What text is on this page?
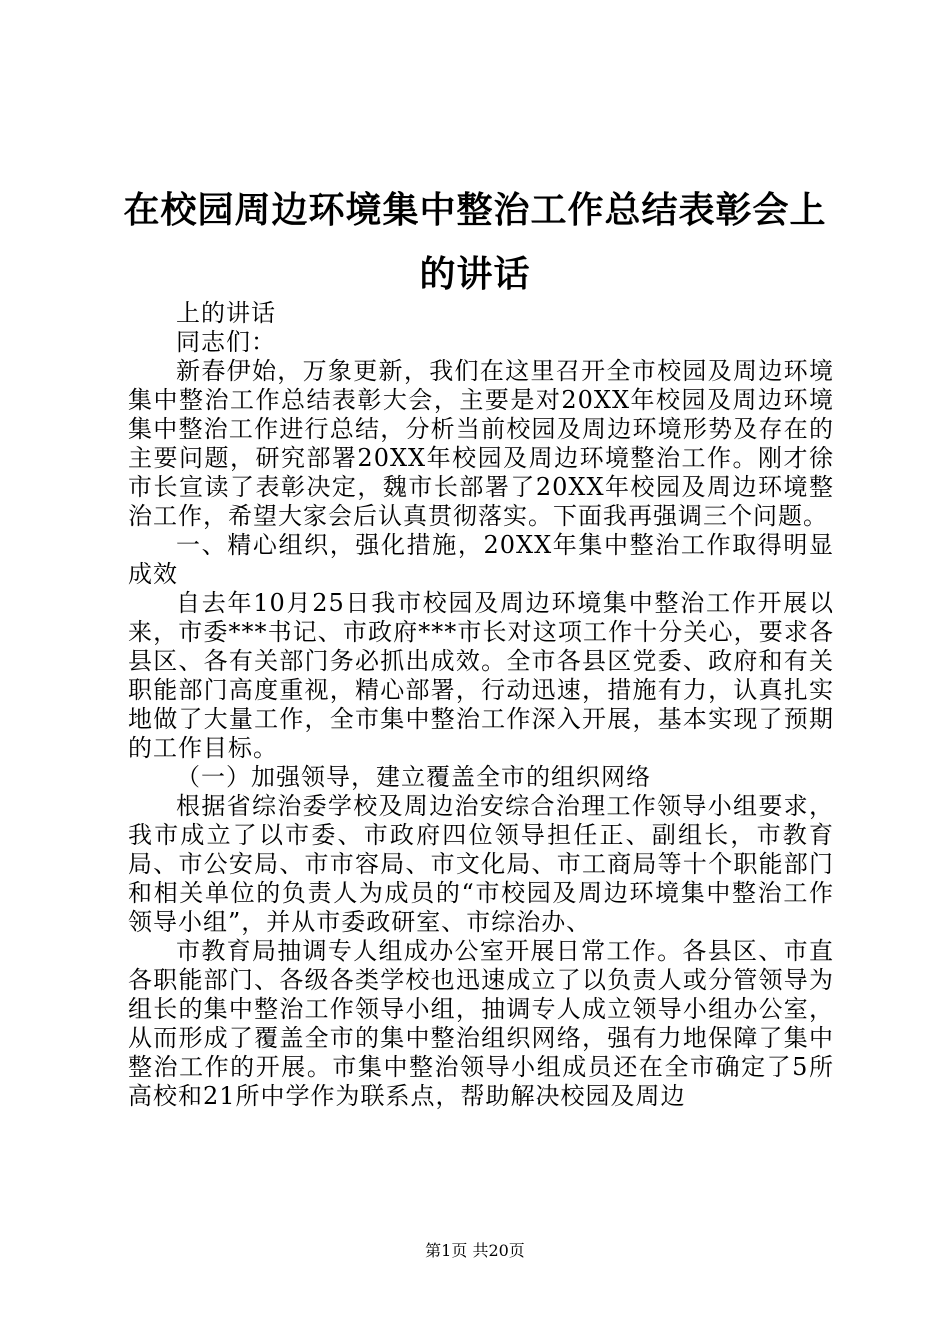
在校园周边环境集中整治工作总结表彰会上的讲话

上的讲话

同志们：

新春伊始，万象更新，我们在这里召开全市校园及周边环境集中整治工作总结表彰大会，主要是对20XX年校园及周边环境集中整治工作进行总结，分析当前校园及周边环境形势及存在的主要问题，研究部署20XX年校园及周边环境整治工作。刚才徐市长宣读了表彰决定，魏市长部署了20XX年校园及周边环境整治工作，希望大家会后认真贯彻落实。下面我再强调三个问题。

一、精心组织，强化措施，20XX年集中整治工作取得明显成效

自去年10月25日我市校园及周边环境集中整治工作开展以来，市委***书记、市政府***市长对这项工作十分关心，要求各县区、各有关部门务必抓出成效。全市各县区党委、政府和有关职能部门高度重视，精心部署，行动迅速，措施有力，认真扎实地做了大量工作，全市集中整治工作深入开展，基本实现了预期的工作目标。

（一）加强领导，建立覆盖全市的组织网络

根据省综治委学校及周边治安综合治理工作领导小组要求，我市成立了以市委、市政府四位领导担任正、副组长，市教育局、市公安局、市市容局、市文化局、市工商局等十个职能部门和相关单位的负责人为成员的“市校园及周边环境集中整治工作领导小组”，并从市委政研室、市综治办、

市教育局抽调专人组成办公室开展日常工作。各县区、市直各职能部门、各级各类学校也迅速成立了以负责人或分管领导为组长的集中整治工作领导小组，抽调专人成立领导小组办公室，从而形成了覆盖全市的集中整治组织网络，强有力地保障了集中整治工作的开展。市集中整治领导小组成员还在全市确定了5所高校和21所中学作为联系点，帮助解决校园及周边

第1页 共20页
